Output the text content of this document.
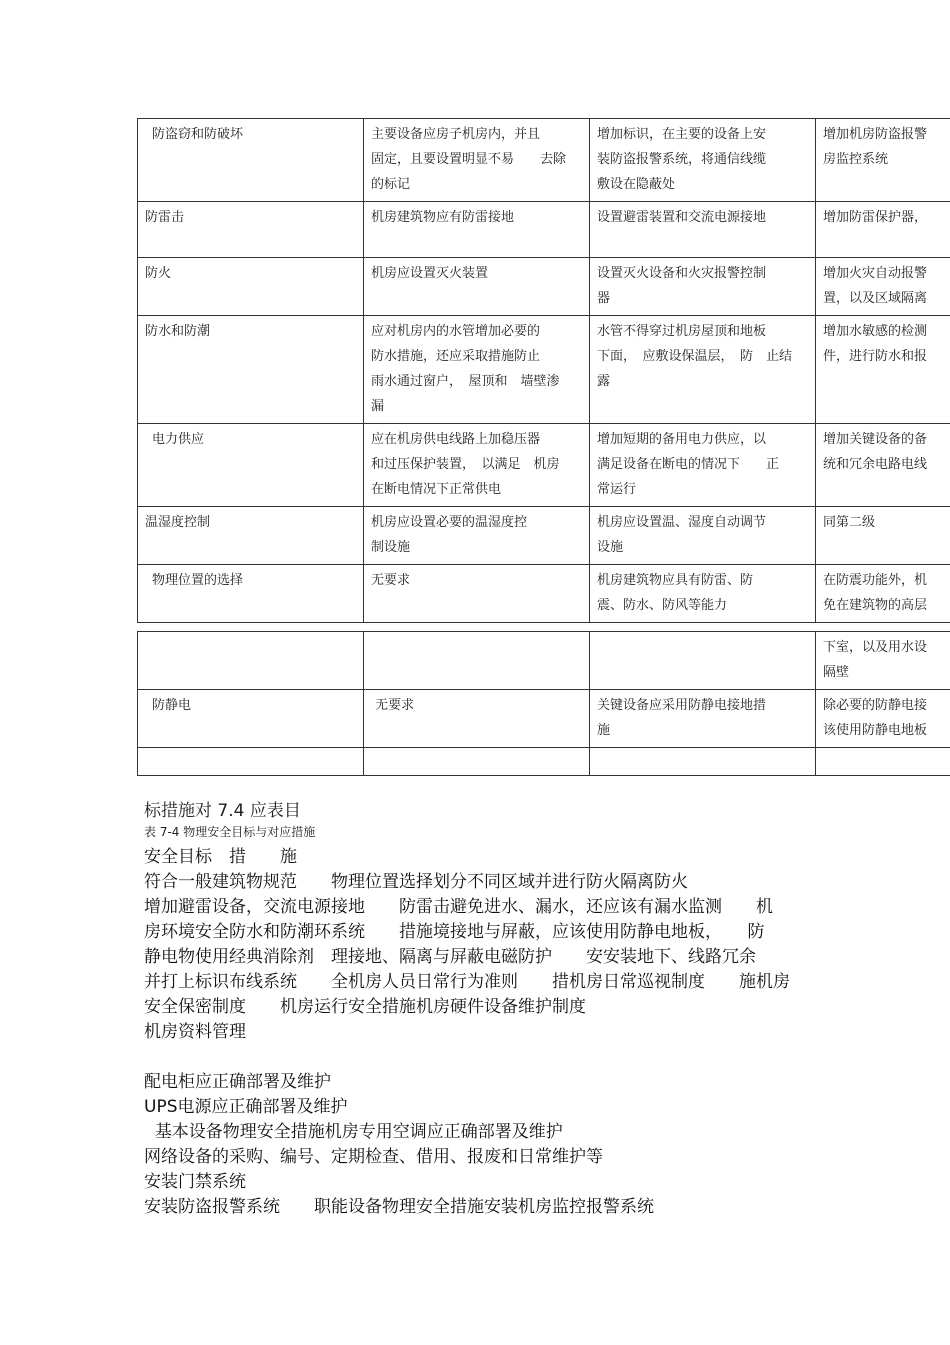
防盗窃和防破坏	主要设备应房子机房内，并且
固定，且要设置明显不易　　去除
的标记	增加标识，在主要的设备上安
装防盗报警系统，将通信线缆
敷设在隐蔽处	增加机房防盗报警
房监控系统
防雷击	机房建筑物应有防雷接地	设置避雷装置和交流电源接地	增加防雷保护器，
防火	机房应设置灭火装置	设置灭火设备和火灾报警控制
器	增加火灾自动报警
置，以及区域隔离
防水和防潮	应对机房内的水管增加必要的
防水措施，还应采取措施防止
雨水通过窗户，　屋顶和　墙壁渗
漏	水管不得穿过机房屋顶和地板
下面，　应敷设保温层，　防　止结
露	增加水敏感的检测
件，进行防水和报
电力供应	应在机房供电线路上加稳压器
和过压保护装置，　以满足　机房
在断电情况下正常供电	增加短期的备用电力供应，以
满足设备在断电的情况下　　正
常运行	增加关键设备的备
统和冗余电路电线
温湿度控制	机房应设置必要的温湿度控
制设施	机房应设置温、湿度自动调节
设施	同第二级
物理位置的选择	无要求	机房建筑物应具有防雷、防
震、防水、防风等能力	在防震功能外，机
免在建筑物的高层
			下室，以及用水设
隔壁
防静电	无要求	关键设备应采用防静电接地措
施	除必要的防静电接
该使用防静电地板

标措施对 7.4 应表目
表 7-4 物理安全目标与对应措施
安全目标　措　　施
符合一般建筑物规范　　物理位置选择划分不同区域并进行防火隔离防火
增加避雷设备，交流电源接地　　防雷击避免进水、漏水，还应该有漏水监测　　机
房环境安全防水和防潮环系统　　措施境接地与屏蔽，应该使用防静电地板，　　防
静电物使用经典消除剂　理接地、隔离与屏蔽电磁防护　　安安装地下、线路冗余
并打上标识布线系统　　全机房人员日常行为准则　　措机房日常巡视制度　　施机房
安全保密制度　　机房运行安全措施机房硬件设备维护制度
机房资料管理

配电柜应正确部署及维护
UPS电源应正确部署及维护
基本设备物理安全措施机房专用空调应正确部署及维护
网络设备的采购、编号、定期检查、借用、报废和日常维护等
安装门禁系统
安装防盗报警系统　　职能设备物理安全措施安装机房监控报警系统
